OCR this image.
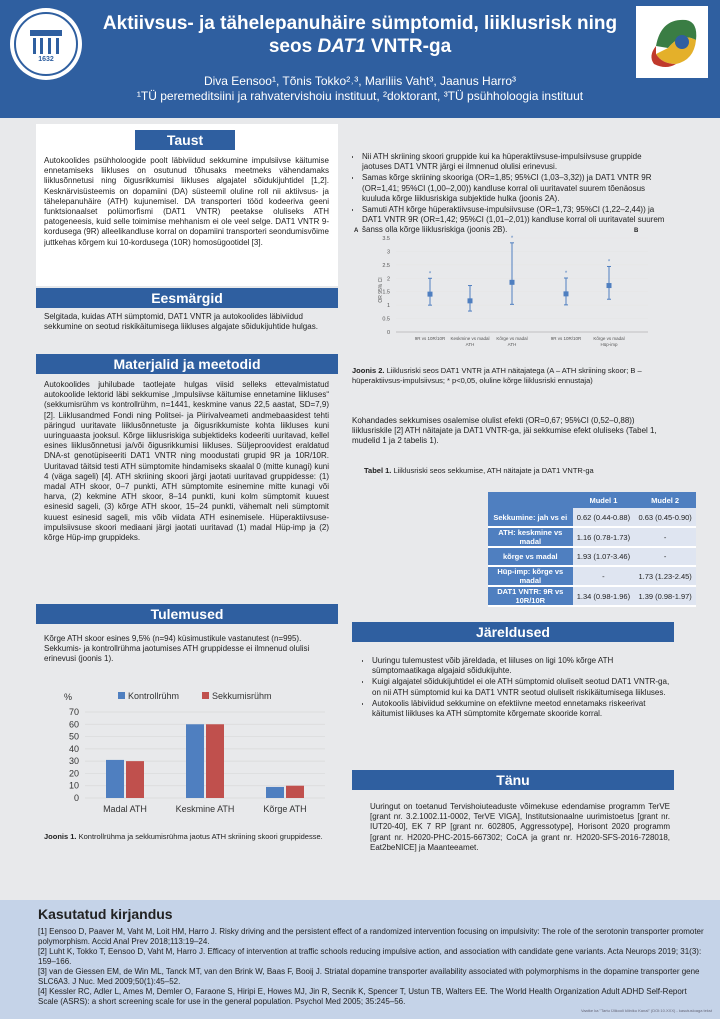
1632
Aktiivsus- ja tähelepanuhäire sümptomid, liiklusrisk ning seos DAT1 VNTR-ga
Diva Eensoo¹, Tõnis Tokko²˒³, Mariliis Vaht³, Jaanus Harro³
¹TÜ peremeditsiini ja rahvatervishoiu instituut, ²doktorant, ³TÜ psühholoogia instituut
Taust
Autokoolides psühholoogide poolt läbiviidud sekkumine impulsiivse käitumise ennetamiseks liikluses on osutunud tõhusaks meetmeks vähendamaks liiklusõnnetusi ning õigusrikkumisi liikluses algajatel sõidukijuhtidel [1,2]. Kesknärvisüsteemis on dopamiini (DA) süsteemil oluline roll nii aktiivsus- ja tähelepanuhäire (ATH) kujunemisel. DA transporteri tööd kodeeriva geeni funktsionaalset polümorfismi (DAT1 VNTR) peetakse oluliseks ATH patogeneesis, kuid selle toimimise mehhanism ei ole veel selge. DAT1 VNTR 9-kordusega (9R) alleelikandluse korral on dopamiini transporteri seondumisvõime juttkehas kõrgem kui 10-kordusega (10R) homosügootidel [3].
Eesmärgid
Selgitada, kuidas ATH sümptomid, DAT1 VNTR ja autokoolides läbiviidud sekkumine on seotud riskikäitumisega liikluses algajate sõidukijuhtide hulgas.
Materjalid ja meetodid
Autokoolides juhilubade taotlejate hulgas viisid selleks ettevalmistatud autokoolide lektorid läbi sekkumise „Impulsiivse käitumise ennetamine liikluses“ (sekkumisrühm vs kontrollrühm, n=1441, keskmine vanus 22,5 aastat, SD=7,9) [2]. Liiklusandmed Fondi ning Politsei- ja Piirivalveameti andmebaasidest tehti päringud uuritavate liiklusõnnetuste ja õigusrikkumiste kohta liikluses kuni uuringuaasta jooksul. Kõrge liiklusriskiga subjektideks kodeeriti uuritavad, kellel esines liiklusõnnetusi ja/või õigusrikkumisi liikluses. Süljeproovidest eraldatud DNA-st genotüpiseeriti DAT1 VNTR ning moodustati grupid 9R ja 10R/10R. Uuritavad täitsid testi ATH sümptomite hindamiseks skaalal 0 (mitte kunagi) kuni 4 (väga sageli) [4]. ATH skriining skoori järgi jaotati uuritavad gruppidesse: (1) madal ATH skoor, 0–7 punkti, ATH sümptomite esinemine mitte kunagi või harva, (2) kekmine ATH skoor, 8–14 punkti, kuni kolm sümptomit kuuest esinesid sageli, (3) kõrge ATH skoor, 15–24 punkti, vähemalt neli sümptomit kuuest esinesid sageli, mis võib viidata ATH esinemisele. Hüperaktiivsuse-impulsiivsuse skoori mediaani järgi jaotati uuritavad (1) madal Hüp-imp ja (2) kõrge Hüp-imp gruppideks.
Tulemused
Kõrge ATH skoor esines 9,5% (n=94) küsimustikule vastanutest (n=995). Sekkumis- ja kontrollrühma jaotumises ATH gruppidesse ei ilmnenud olulisi erinevusi (joonis 1).
0
10
20
30
40
50
60
70
%
Madal ATH	Keskmine ATH	Kõrge ATH
Kontrollrühm	Sekkumisrühm
Joonis 1. Kontrollrühma ja sekkumisrühma jaotus ATH skriining skoori gruppidesse.
• Nii ATH skriining skoori gruppide kui ka hüperaktiivsuse-impulsiivsuse gruppide jaotuses DAT1 VNTR järgi ei ilmnenud olulisi erinevusi.
• Samas kõrge skriining skooriga (OR=1,85; 95%CI (1,03–3,32)) ja DAT1 VNTR 9R (OR=1,41; 95%CI (1,00–2,00)) kandluse korral oli uuritavatel suurem tõenäosus kuuluda kõrge liiklusriskiga subjektide hulka (joonis 2A).
• Samuti ATH kõrge hüperaktiivsuse-impulsiivsuse (OR=1,73; 95%CI (1,22–2,44)) ja DAT1 VNTR 9R (OR=1,42; 95%CI (1,01–2,01)) kandluse korral oli uuritavatel suurem šanss olla kõrge liiklusriskiga (joonis 2B).
A	B
0
0.5
1
1.5
2
2.5
3
3.5
OR 95% CI
*
9R vs 10R/10R Keskmine vs madal
ATH
*
Kõrge vs madal
ATH
*
9R vs 10R/10R
*
Kõrge vs madal
Hüp-imp
Joonis 2. Liiklusriski seos DAT1 VNTR ja ATH näitajatega (A – ATH skriining skoor; B – hüperaktiivsus-impulsiivsus; * p<0,05, oluline kõrge liiklusriski ennustaja)
Kohandades sekkumises osalemise olulist efekti (OR=0,67; 95%CI (0,52–0,88)) liiklusriskile [2] ATH näitajate ja DAT1 VNTR-ga, jäi sekkumise efekt oluliseks (Tabel 1, mudelid 1 ja 2 tabelis 1).
Tabel 1. Liiklusriski seos sekkumise, ATH näitajate ja DAT1 VNTR-ga
	Mudel 1	Mudel 2
Sekkumine: jah vs ei	0.62 (0.44-0.88)	0.63 (0.45-0.90)
ATH: keskmine vs madal	1.16 (0.78-1.73)	-
kõrge vs madal	1.93 (1.07-3.46)	-
Hüp-imp: kõrge vs madal	-	1.73 (1.23-2.45)
DAT1 VNTR: 9R vs 10R/10R	1.34 (0.98-1.96)	1.39 (0.98-1.97)
Järeldused
• Uuringu tulemustest võib järeldada, et liiluses on ligi 10% kõrge ATH sümptomaatikaga algajaid sõidukijuhte.
• Kuigi algajatel sõidukijuhtidel ei ole ATH sümptomid oluliselt seotud DAT1 VNTR-ga, on nii ATH sümptomid kui ka DAT1 VNTR seotud oluliselt riskikäitumisega liikluses.
• Autokoolis läbiviidud sekkumine on efektiivne meetod ennetamaks riskeerivat käitumist liikluses ka ATH sümptomite kõrgemate skooride korral.
Tänu
Uuringut on toetanud Tervishoiuteaduste võimekuse edendamise programm TerVE [grant nr. 3.2.1002.11-0002, TerVE VIGA], Institutsionaalne uurimistoetus [grant nr. IUT20-40], EK 7 RP [grant nr. 602805, Aggressotype], Horisont 2020 programm [grant nr. H2020-PHC-2015-667302; CoCA ja grant nr. H2020-SFS-2016-728018, Eat2beNICE] ja Maanteeamet.
Kasutatud kirjandus
[1] Eensoo D, Paaver M, Vaht M, Loit HM, Harro J. Risky driving and the persistent effect of a randomized intervention focusing on impulsivity: The role of the serotonin transporter promoter polymorphism. Accid Anal Prev 2018;113:19–24.
[2] Luht K, Tokko T, Eensoo D, Vaht M, Harro J. Efficacy of intervention at traffic schools reducing impulsive action, and association with candidate gene variants. Acta Neurops 2019; 31(3): 159–166.
[3] van de Giessen EM, de Win ML, Tanck MT, van den Brink W, Baas F, Booij J. Striatal dopamine transporter availability associated with polymorphisms in the dopamine transporter gene SLC6A3. J Nuc. Med 2009;50(1):45–52.
[4] Kessler RC, Adler L, Ames M, Demler O, Faraone S, Hiripi E, Howes MJ, Jin R, Secnik K, Spencer T, Ustun TB, Walters EE. The World Health Organization Adult ADHD Self-Report Scale (ASRS): a short screening scale for use in the general population. Psychol Med 2005; 35:245–56.
Vaatke ka "Tartu Ülikooli kliiniku Kanal" (DOI:10.XXX) - kasutusloaga tekst
